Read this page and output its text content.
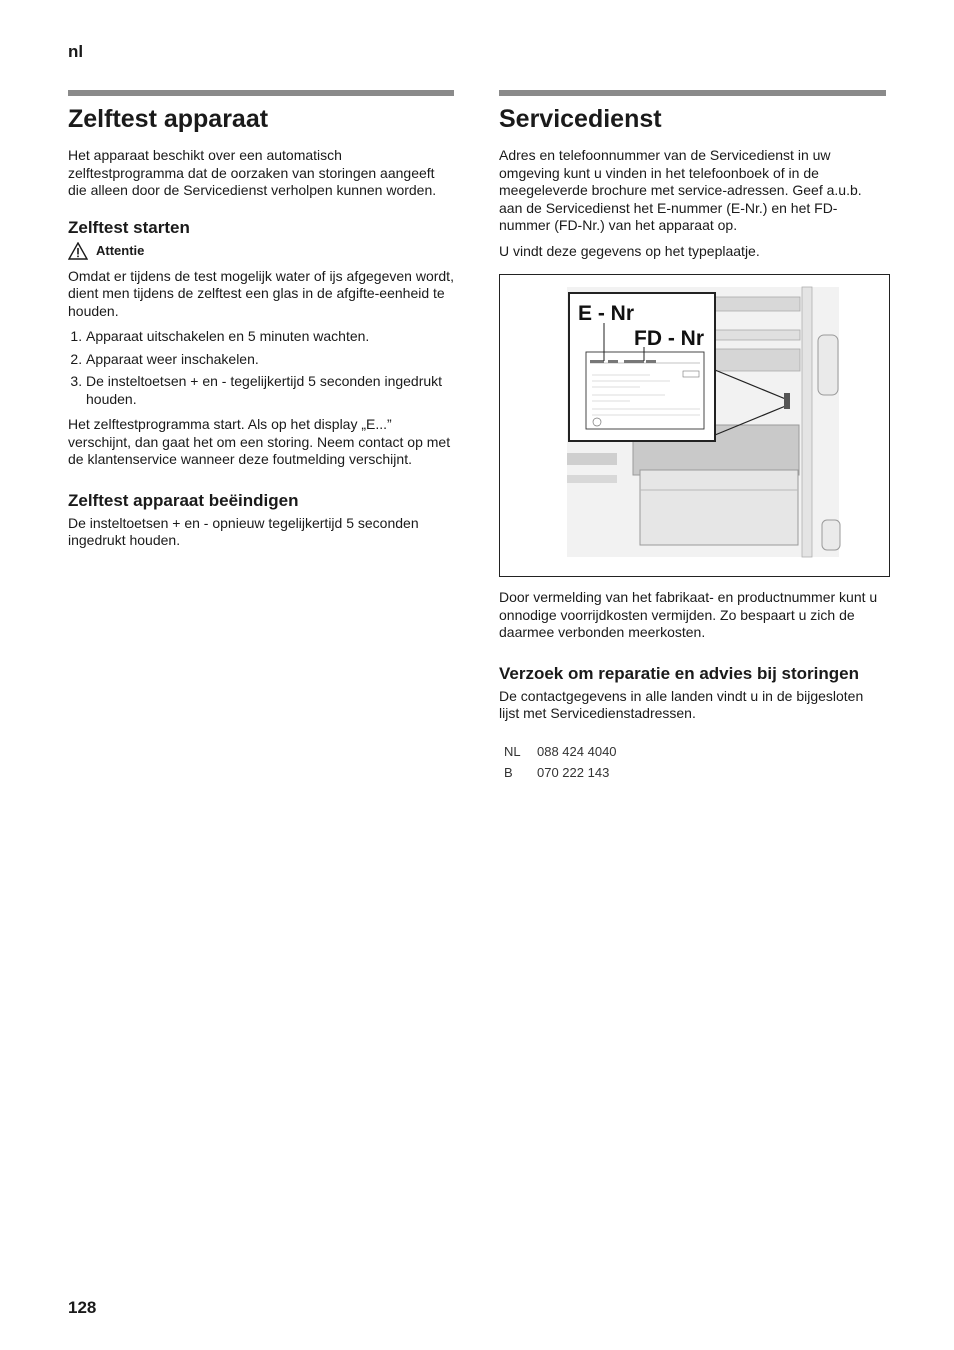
nl
Zelftest apparaat

Het apparaat beschikt over een automatisch zelftestprogramma dat de oorzaken van storingen aangeeft die alleen door de Servicedienst verholpen kunnen worden.

Zelftest starten
Attentie

Omdat er tijdens de test mogelijk water of ijs afgegeven wordt, dient men tijdens de zelftest een glas in de afgifte-eenheid te houden.

1. Apparaat uitschakelen en 5 minuten wachten.
2. Apparaat weer inschakelen.
3. De insteltoetsen + en - tegelijkertijd 5 seconden ingedrukt houden.

Het zelftestprogramma start. Als op het display „E...” verschijnt, dan gaat het om een storing. Neem contact op met de klantenservice wanneer deze foutmelding verschijnt.

Zelftest apparaat beëindigen

De insteltoetsen + en - opnieuw tegelijkertijd 5 seconden ingedrukt houden.

Servicedienst

Adres en telefoonnummer van de Servicedienst in uw omgeving kunt u vinden in het telefoonboek of in de meegeleverde brochure met service-adressen. Geef a.u.b. aan de Servicedienst het E-nummer (E-Nr.) en het FD-nummer (FD-Nr.) van het apparaat op.

U vindt deze gegevens op het typeplaatje.

E - Nr
FD - Nr

Door vermelding van het fabrikaat- en productnummer kunt u onnodige voorrijdkosten vermijden. Zo bespaart u zich de daarmee verbonden meerkosten.

Verzoek om reparatie en advies bij storingen

De contactgegevens in alle landen vindt u in de bijgesloten lijst met Servicedienstadressen.

NL	088 424 4040
B	070 222 143
128
